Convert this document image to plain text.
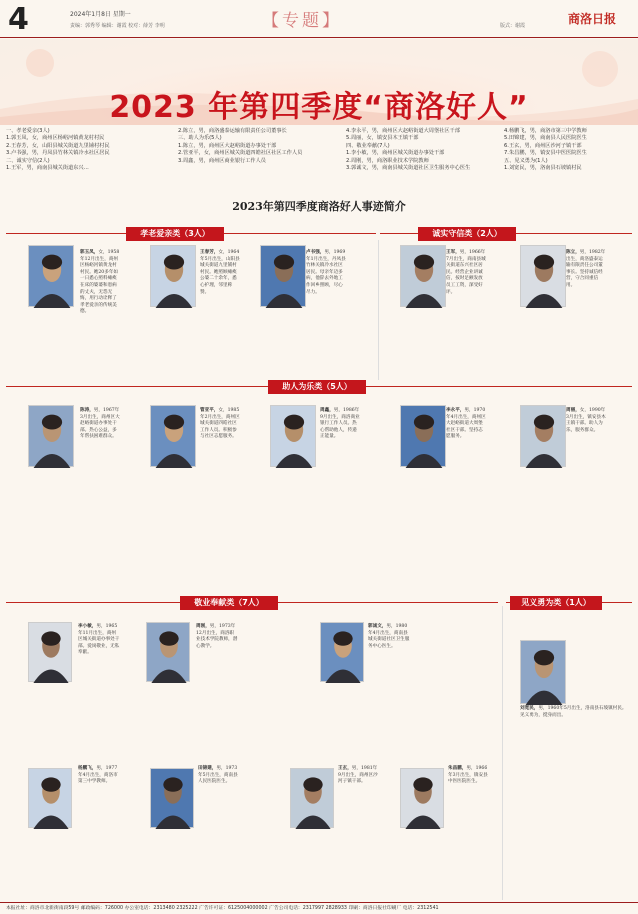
4	2024年1月8日 星期一
责编：郭秀琴 编辑：谢霞 校对：薛芳 李明	【专题】	版式：谢霞	商洛日报
2023 年第四季度“商洛好人”
一、孝老爱亲(3人)
1.郭玉凤，女，商州区杨峪河镇黄龙村村民
2.王春芳，女，山阳县城关街道九里铺村村民
3.卢书强，男，丹凤县竹林关镇冷水社区居民
二、诚实守信(2人)
1.王军，男，商南县城关街道东兴…
2.陈立，男，商洛盛泰运输有限责任公司董事长
三、助人为乐(5人)
1.陈立，男，商州区大赵峪街道办事处干部
2.管亚平，女，商州区城关街道四皓社区社区工作人员
3.周鑫，男，商州区商业银行工作人员
4.李永平，男，商州区大赵峪街道大周堡社区干部
5.周丽，女，镇安县木王镇干部
四、敬业奉献(7人)
1.李小敏，男，商州区城关街道办事处干部
2.周刚，男，商洛职业技术学院教师
3.郭诚文，男，商南县城关街道社区卫生服务中心医生
4.杨鹏飞，男，商洛市第三中学教师
5.田锦建，男，商南县人民医院医生
6.王玄，男，商州区沙河子镇干部
7.朱昌鹏，男，镇安县中医医院医生
五、见义勇为(1人)
1.刘宽民，男，洛南县石坡镇村民
2023年第四季度商洛好人事迹简介
孝老爱亲类（3人）	诚实守信类（2人）
助人为乐类（5人）
敬业奉献类（7人）	见义勇为类（1人）
郭玉凤，女，1958年12月出生，商州区杨峪河镇黄龙村村民。她20多年如一日悉心照料瘫痪在床的婆婆和患病的丈夫，无怨无悔，用行动诠释了孝老爱亲的传统美德。
王春芳，女，1964年5月出生，山阳县城关街道九里铺村村民。她照顾瘫痪公婆二十余年，悉心护理，邻里称赞。
卢书强，男，1969年1月出生，丹凤县竹林关镇冷水社区居民。母亲年迈多病，他辞去外地工作回乡照顾，尽心尽力。
王军，男，1966年7月出生，商南县城关街道东兴社区居民。经营企业讲诚信，按时足额发放员工工资，深受好评。
陈立，男，1982年出生，商洛盛泰运输有限责任公司董事长。坚持诚信经营，守合同重信用。
陈涛，男，1967年3月出生，商州区大赵峪街道办事处干部。热心公益，多年帮扶困难群众。
管亚平，女，1985年2月出生，商州区城关街道四皓社区工作人员。积极参与社区志愿服务。
周鑫，男，1986年9月出生，商洛商业银行工作人员。热心帮助他人，传递正能量。
李永平，男，1970年4月出生，商州区大赵峪街道大周堡社区干部。坚持志愿服务。
周丽，女，1990年3月出生，镇安县木王镇干部。助人为乐，服务群众。
李小敏，男，1965年11月出生，商州区城关街道办事处干部。爱岗敬业，无私奉献。
周刚，男，1973年12月出生，商洛职业技术学院教师，潜心教学。
郭诚文，男，1980年4月出生，商南县城关街道社区卫生服务中心医生。
杨鹏飞，男，1977年4月出生，商洛市第三中学教师。
田锦建，男，1973年5月出生，商南县人民医院医生。
王玄，男，1981年9月出生，商州区沙河子镇干部。
朱昌鹏，男，1966年3月出生，镇安县中医医院医生。
刘宽民，男，1960年5月出生，洛南县石坡镇村民。见义勇为，挺身而出。
本报社址：商洛市北新街南段59号 邮政编码：726000 办公室电话：2313480 2325222 广告许可证：6125004000002 广告公司电话：2317997 2828933 印刷：商洛日报社印刷厂 电话：2312541
